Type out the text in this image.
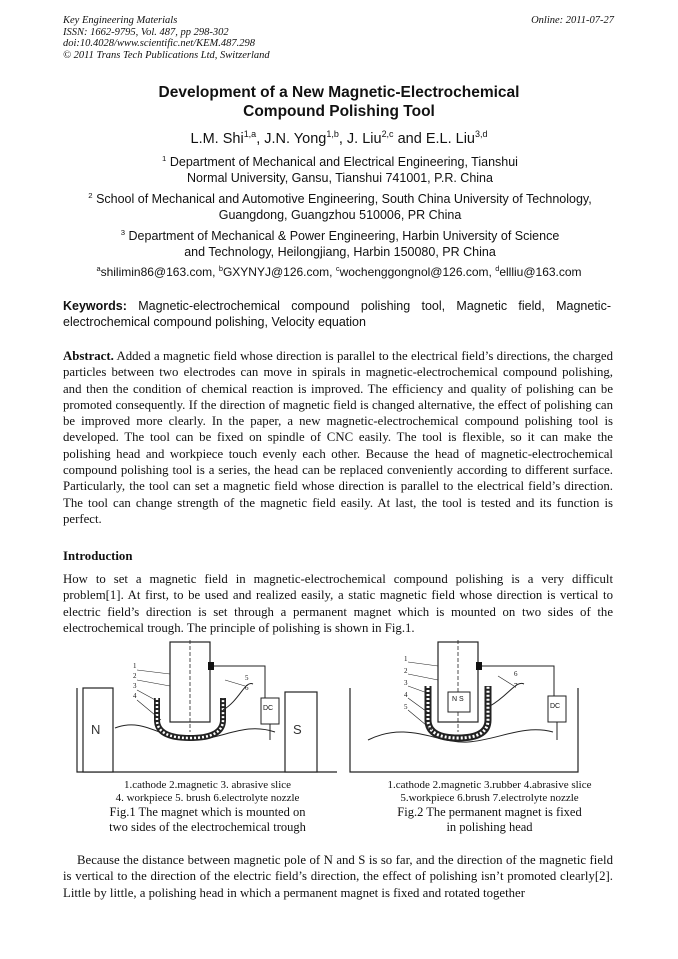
Key Engineering Materials
ISSN: 1662-9795, Vol. 487, pp 298-302
doi:10.4028/www.scientific.net/KEM.487.298
© 2011 Trans Tech Publications Ltd, Switzerland
Online: 2011-07-27
Development of a New Magnetic-Electrochemical
Compound Polishing Tool
L.M. Shi$^{1,a}$, J.N. Yong$^{1,b}$, J. Liu$^{2,c}$ and E.L. Liu$^{3,d}$
$^1$ Department of Mechanical and Electrical Engineering, Tianshui
Normal University, Gansu, Tianshui 741001, P.R. China
$^2$ School of Mechanical and Automotive Engineering, South China University of Technology,
Guangdong, Guangzhou 510006, PR China
$^3$ Department of Mechanical & Power Engineering, Harbin University of Science
and Technology, Heilongjiang, Harbin 150080, PR China
$^a$shilimin86@163.com, $^b$GXYNYJ@126.com, $^c$wochenggongnol@126.com, $^d$ellliu@163.com
Keywords: Magnetic-electrochemical compound polishing tool, Magnetic field, Magnetic-electrochemical compound polishing, Velocity equation
Abstract. Added a magnetic field whose direction is parallel to the electrical field’s directions, the charged particles between two electrodes can move in spirals in magnetic-electrochemical compound polishing, and then the condition of chemical reaction is improved. The efficiency and quality of polishing can be promoted consequently. If the direction of magnetic field is changed alternative, the effect of polishing can be improved more clearly. In the paper, a new magnetic-electrochemical compound polishing tool is developed. The tool can be fixed on spindle of CNC easily. The tool is flexible, so it can make the polishing head and workpiece touch evenly each other. Because the head of magnetic-electrochemical compound polishing tool is a series, the head can be replaced conveniently according to different surface. Particularly, the tool can set a magnetic field whose direction is parallel to the electrical field’s direction. The tool can change strength of the magnetic field easily. At last, the tool is tested and its function is perfect.
Introduction
How to set a magnetic field in magnetic-electrochemical compound polishing is a very difficult problem[1]. At first, to be used and realized easily, a static magnetic field whose direction is vertical to electric field’s direction is set through a permanent magnet which is mounted on two sides of the electrochemical trough. The principle of polishing is shown in Fig.1.
N	S
DC
1
2
3
4
5
6
1.cathode 2.magnetic 3. abrasive slice
4. workpiece 5. brush 6.electrolyte nozzle
Fig.1 The magnet which is mounted on
two sides of the electrochemical trough
N S
DC
1
2
3
4
5
6
7
1.cathode 2.magnetic 3.rubber 4.abrasive slice
5.workpiece 6.brush 7.electrolyte nozzle
Fig.2 The permanent magnet is fixed
in polishing head
Because the distance between magnetic pole of N and S is so far, and the direction of the magnetic field is vertical to the direction of the electric field’s direction, the effect of polishing isn’t promoted clearly[2]. Little by little, a polishing head in which a permanent magnet is fixed and rotated together
